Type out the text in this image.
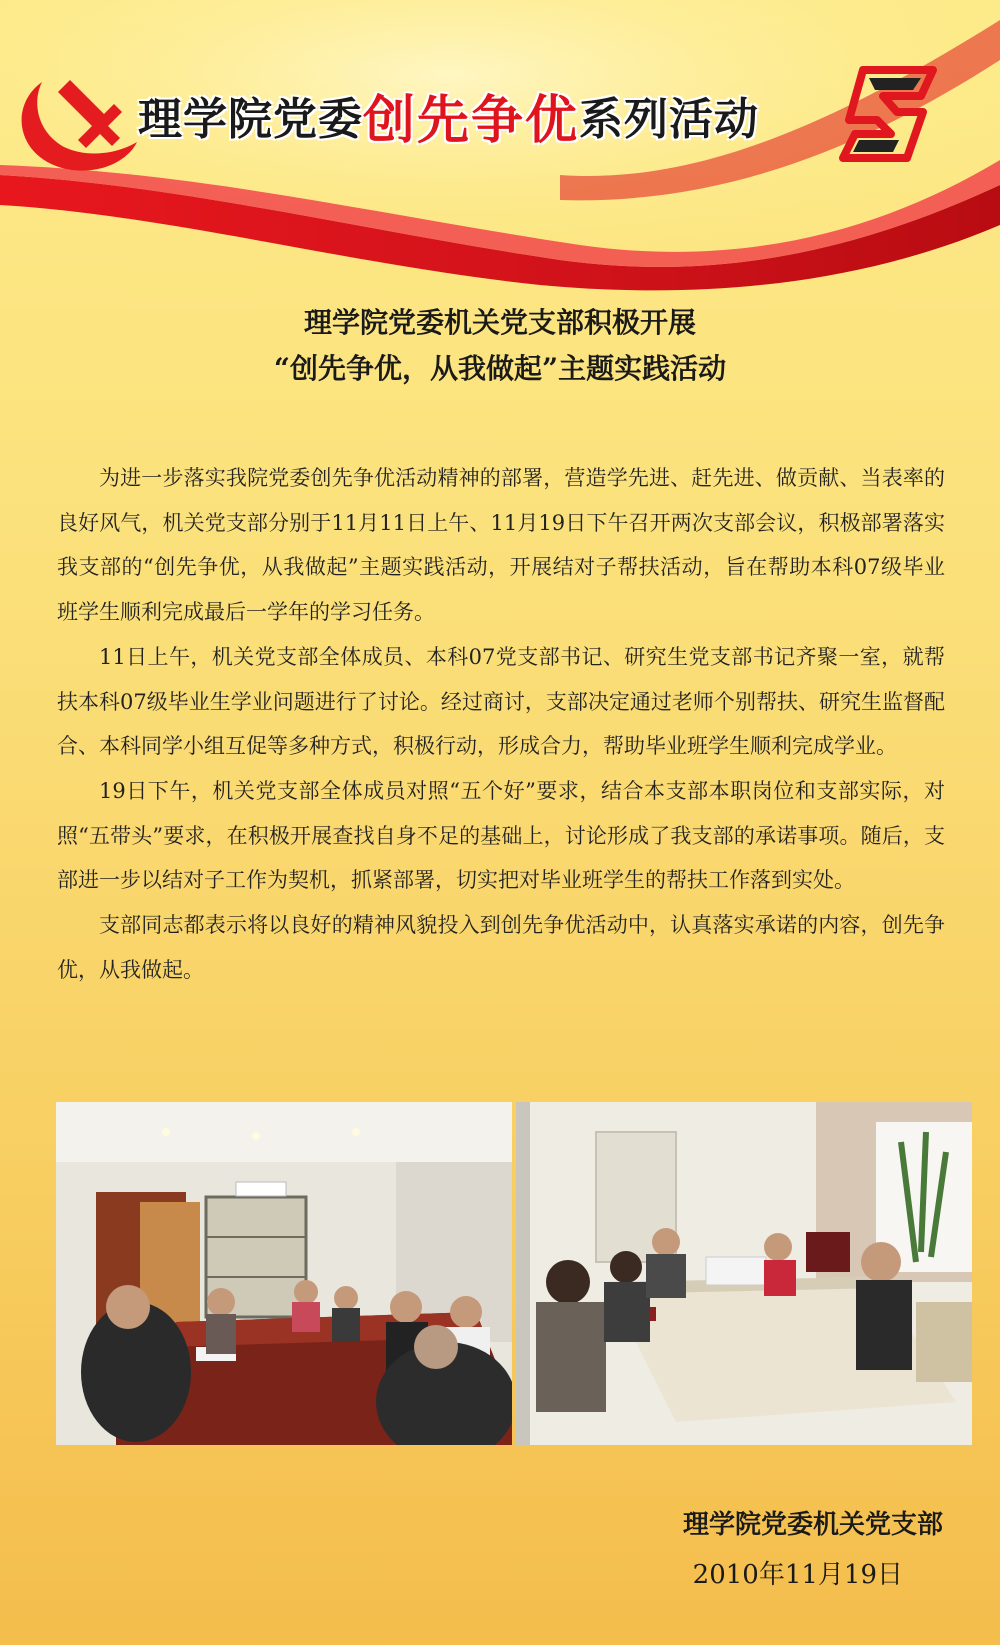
理学院党委 创先争优 系列活动
理学院党委机关党支部积极开展
“创先争优，从我做起”主题实践活动

为进一步落实我院党委创先争优活动精神的部署，营造学先进、赶先进、做贡献、当表率的良好风气，机关党支部分别于11月11日上午、11月19日下午召开两次支部会议，积极部署落实我支部的“创先争优，从我做起”主题实践活动，开展结对子帮扶活动，旨在帮助本科07级毕业班学生顺利完成最后一学年的学习任务。

11日上午，机关党支部全体成员、本科07党支部书记、研究生党支部书记齐聚一室，就帮扶本科07级毕业生学业问题进行了讨论。经过商讨，支部决定通过老师个别帮扶、研究生监督配合、本科同学小组互促等多种方式，积极行动，形成合力，帮助毕业班学生顺利完成学业。

19日下午，机关党支部全体成员对照“五个好”要求，结合本支部本职岗位和支部实际，对照“五带头”要求，在积极开展查找自身不足的基础上，讨论形成了我支部的承诺事项。随后，支部进一步以结对子工作为契机，抓紧部署，切实把对毕业班学生的帮扶工作落到实处。

支部同志都表示将以良好的精神风貌投入到创先争优活动中，认真落实承诺的内容，创先争优，从我做起。

理学院党委机关党支部
2010年11月19日
